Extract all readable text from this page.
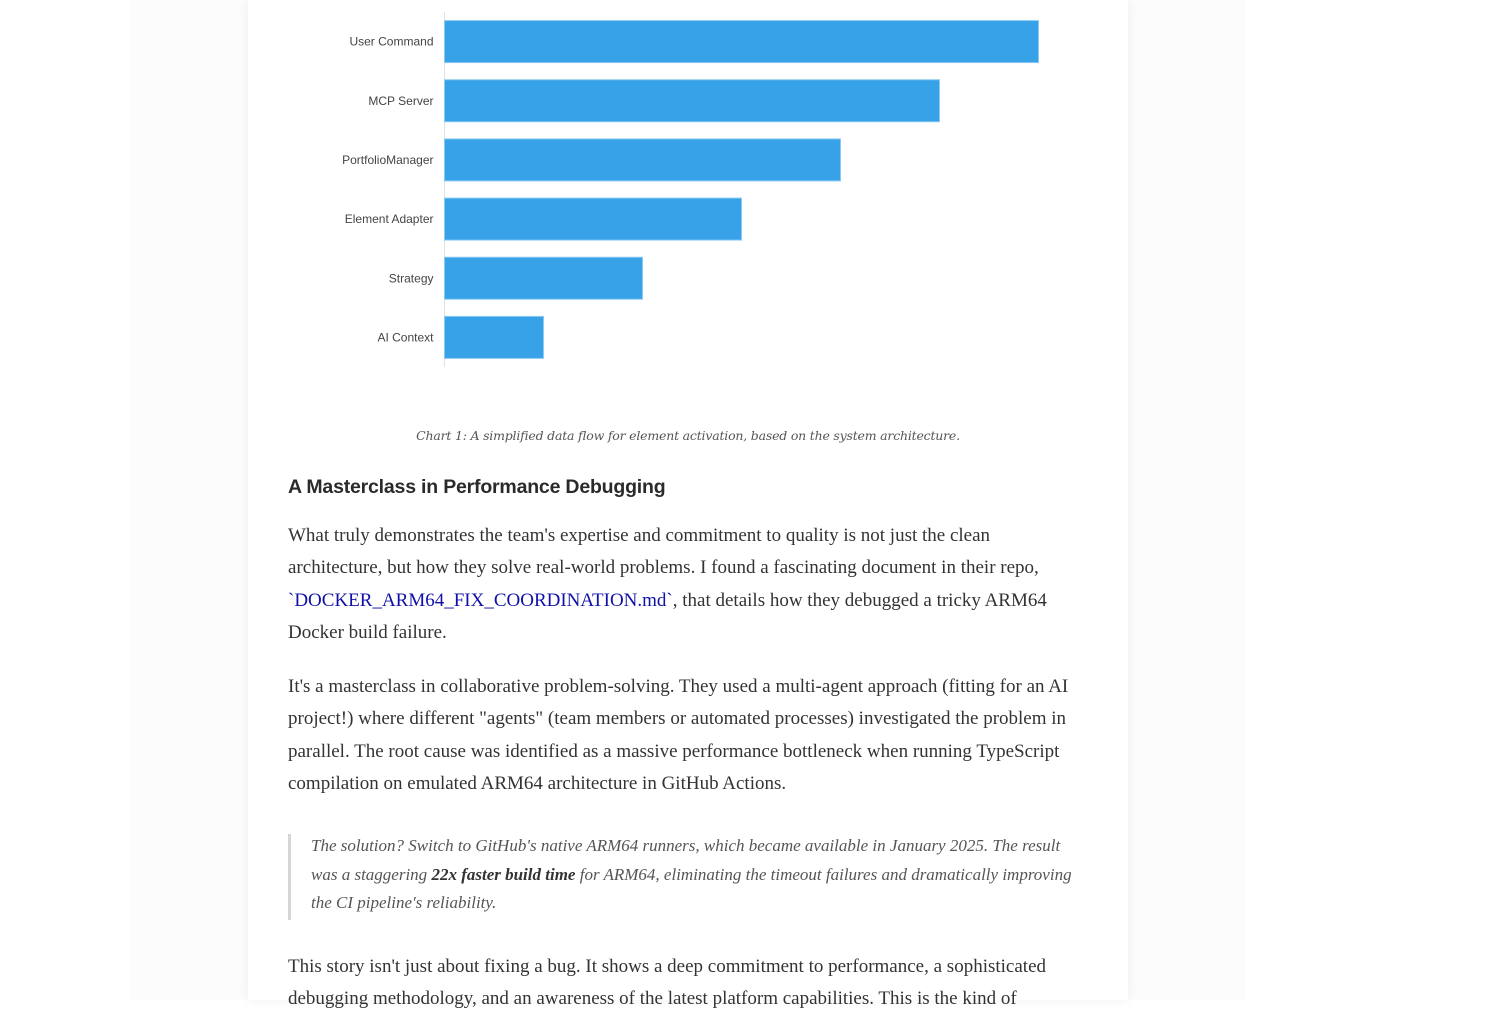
User Command
MCP Server
PortfolioManager
Element Adapter
Strategy
AI Context
Chart 1: A simplified data flow for element activation, based on the system architecture.
A Masterclass in Performance Debugging

What truly demonstrates the team's expertise and commitment to quality is not just the clean architecture, but how they solve real-world problems. I found a fascinating document in their repo, `DOCKER_ARM64_FIX_COORDINATION.md`, that details how they debugged a tricky ARM64 Docker build failure.

It's a masterclass in collaborative problem-solving. They used a multi-agent approach (fitting for an AI project!) where different "agents" (team members or automated processes) investigated the problem in parallel. The root cause was identified as a massive performance bottleneck when running TypeScript compilation on emulated ARM64 architecture in GitHub Actions.

The solution? Switch to GitHub's native ARM64 runners, which became available in January 2025. The result was a staggering 22x faster build time for ARM64, eliminating the timeout failures and dramatically improving the CI pipeline's reliability.

This story isn't just about fixing a bug. It shows a deep commitment to performance, a sophisticated debugging methodology, and an awareness of the latest platform capabilities. This is the kind of
